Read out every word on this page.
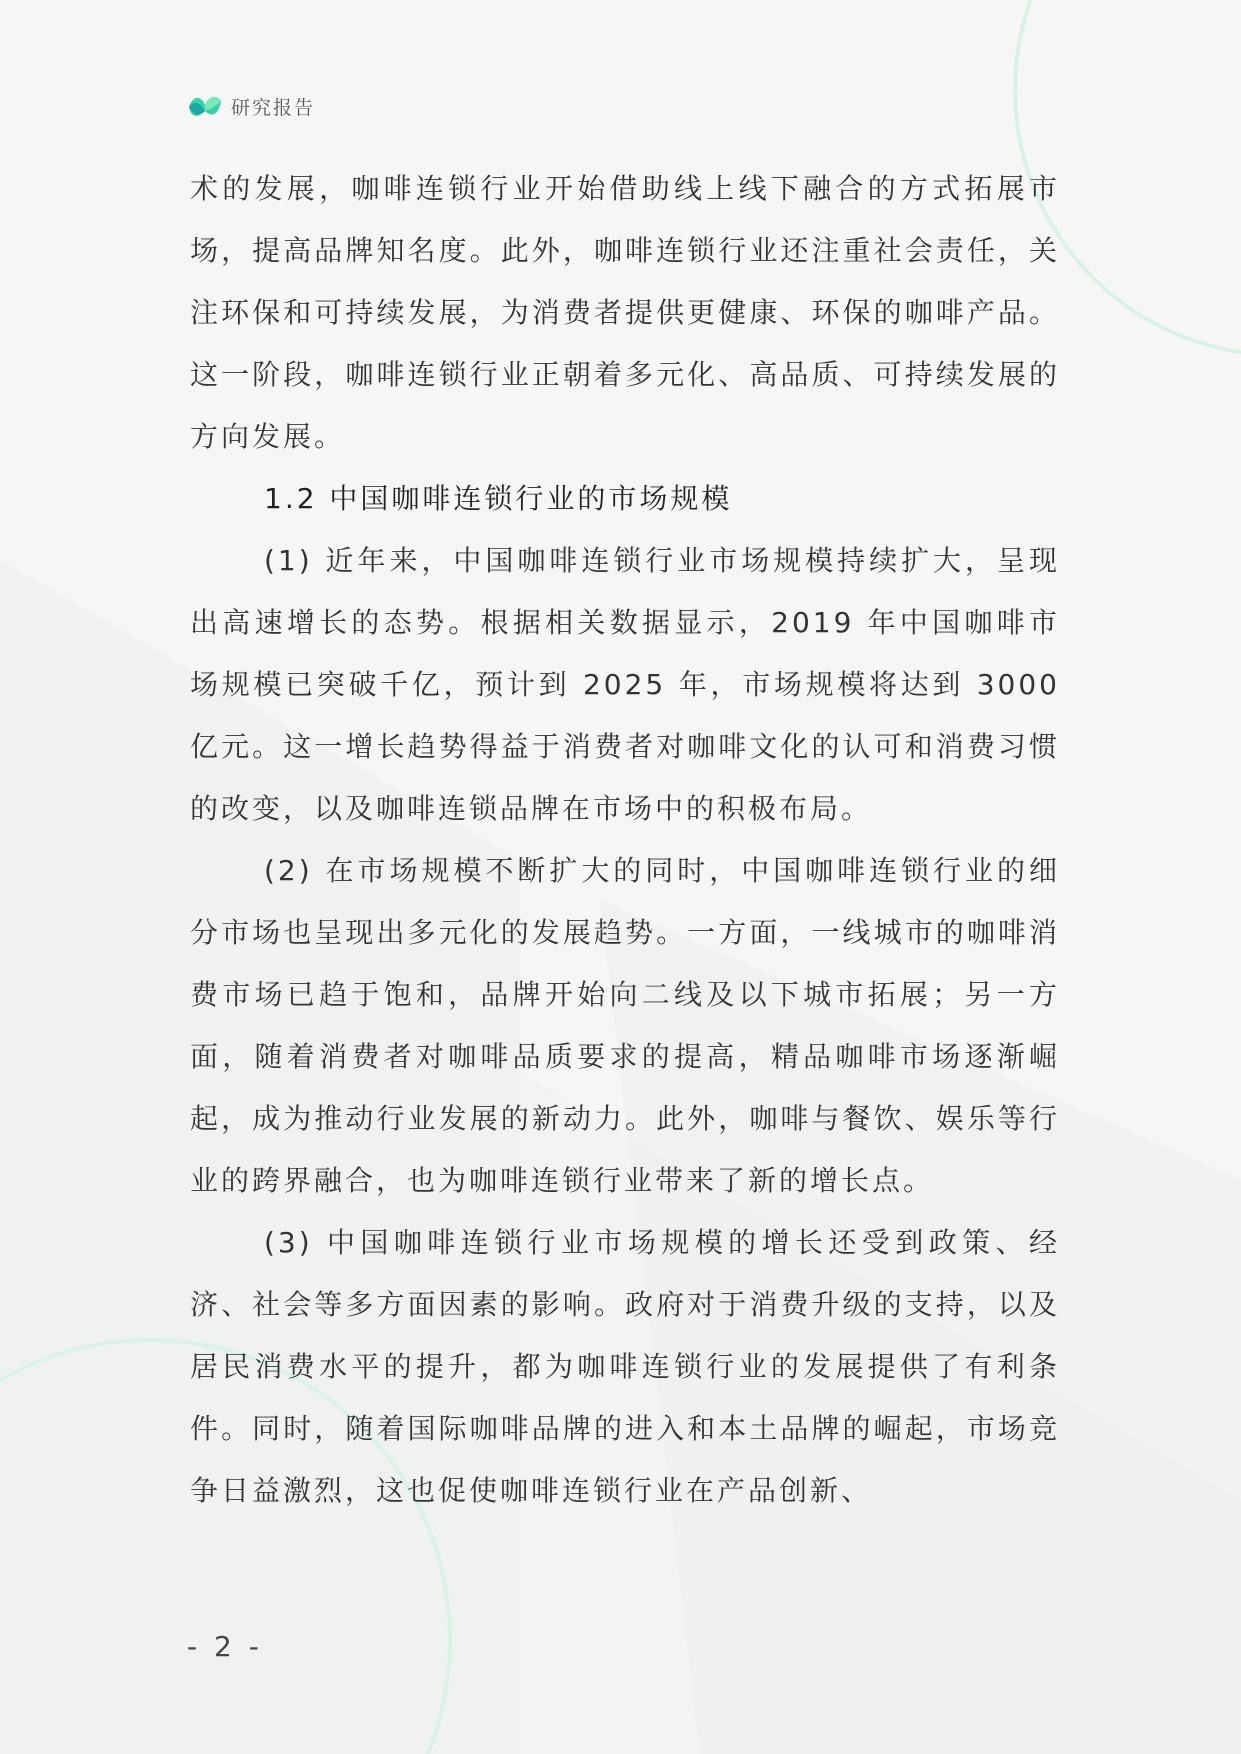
研究报告

术的发展，咖啡连锁行业开始借助线上线下融合的方式拓展市场，提高品牌知名度。此外，咖啡连锁行业还注重社会责任，关注环保和可持续发展，为消费者提供更健康、环保的咖啡产品。这一阶段，咖啡连锁行业正朝着多元化、高品质、可持续发展的方向发展。

1.2 中国咖啡连锁行业的市场规模

(1) 近年来，中国咖啡连锁行业市场规模持续扩大，呈现出高速增长的态势。根据相关数据显示，2019 年中国咖啡市场规模已突破千亿，预计到 2025 年，市场规模将达到 3000 亿元。这一增长趋势得益于消费者对咖啡文化的认可和消费习惯的改变，以及咖啡连锁品牌在市场中的积极布局。

(2) 在市场规模不断扩大的同时，中国咖啡连锁行业的细分市场也呈现出多元化的发展趋势。一方面，一线城市的咖啡消费市场已趋于饱和，品牌开始向二线及以下城市拓展；另一方面，随着消费者对咖啡品质要求的提高，精品咖啡市场逐渐崛起，成为推动行业发展的新动力。此外，咖啡与餐饮、娱乐等行业的跨界融合，也为咖啡连锁行业带来了新的增长点。

(3) 中国咖啡连锁行业市场规模的增长还受到政策、经济、社会等多方面因素的影响。政府对于消费升级的支持，以及居民消费水平的提升，都为咖啡连锁行业的发展提供了有利条件。同时，随着国际咖啡品牌的进入和本土品牌的崛起，市场竞争日益激烈，这也促使咖啡连锁行业在产品创新、

- 2 -
